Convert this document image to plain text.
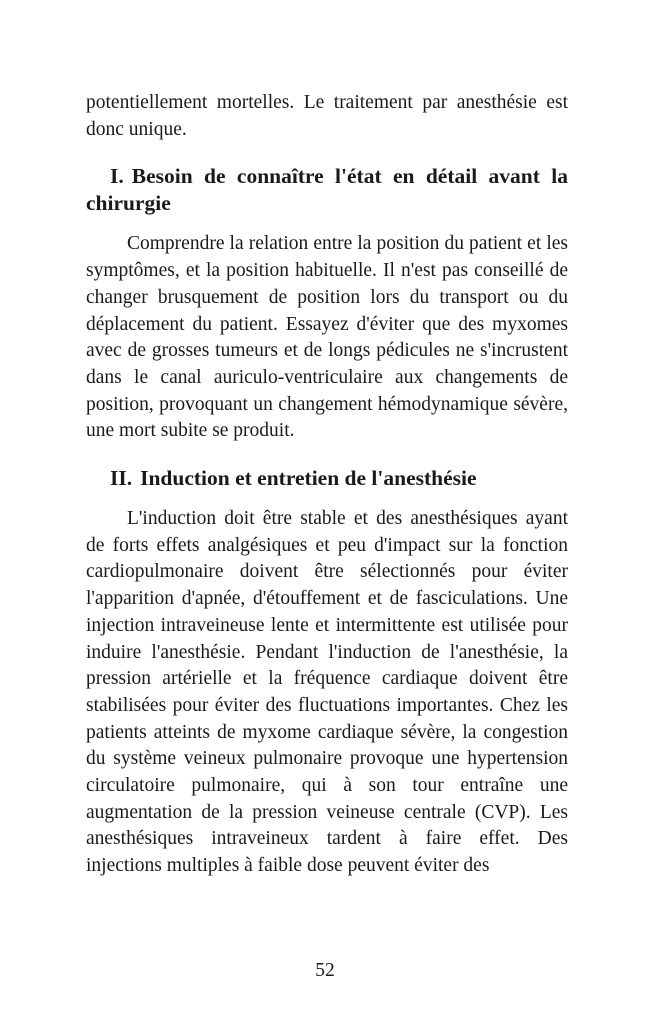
potentiellement mortelles. Le traitement par anesthésie est donc unique.

I. Besoin de connaître l'état en détail avant la chirurgie

Comprendre la relation entre la position du patient et les symptômes, et la position habituelle. Il n'est pas conseillé de changer brusquement de position lors du transport ou du déplacement du patient. Essayez d'éviter que des myxomes avec de grosses tumeurs et de longs pédicules ne s'incrustent dans le canal auriculo-ventriculaire aux changements de position, provoquant un changement hémodynamique sévère, une mort subite se produit.

II. Induction et entretien de l'anesthésie

L'induction doit être stable et des anesthésiques ayant de forts effets analgésiques et peu d'impact sur la fonction cardiopulmonaire doivent être sélectionnés pour éviter l'apparition d'apnée, d'étouffement et de fasciculations. Une injection intraveineuse lente et intermittente est utilisée pour induire l'anesthésie. Pendant l'induction de l'anesthésie, la pression artérielle et la fréquence cardiaque doivent être stabilisées pour éviter des fluctuations importantes. Chez les patients atteints de myxome cardiaque sévère, la congestion du système veineux pulmonaire provoque une hypertension circulatoire pulmonaire, qui à son tour entraîne une augmentation de la pression veineuse centrale (CVP). Les anesthésiques intraveineux tardent à faire effet. Des injections multiples à faible dose peuvent éviter des

52
